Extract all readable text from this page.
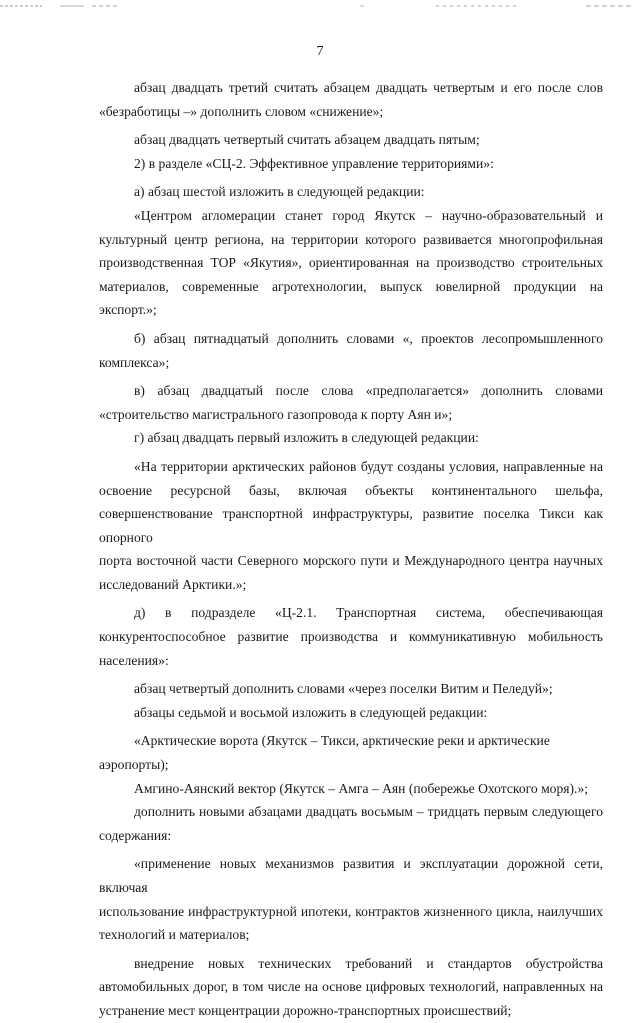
7

абзац двадцать третий считать абзацем двадцать четвертым и его после слов

«безработицы –» дополнить словом «снижение»;

абзац двадцать четвертый считать абзацем двадцать пятым;

2) в разделе «СЦ-2. Эффективное управление территориями»:

а) абзац шестой изложить в следующей редакции:

«Центром агломерации станет город Якутск – научно-образовательный и

культурный центр региона, на территории которого развивается многопрофильная

производственная ТОР «Якутия», ориентированная на производство строительных

материалов, современные агротехнологии, выпуск ювелирной продукции на экспорт.»;

б) абзац пятнадцатый дополнить словами «, проектов лесопромышленного

комплекса»;

в) абзац двадцатый после слова «предполагается» дополнить словами

«строительство магистрального газопровода к порту Аян и»;

г) абзац двадцать первый изложить в следующей редакции:

«На территории арктических районов будут созданы условия, направленные на

освоение ресурсной базы, включая объекты континентального шельфа,

совершенствование транспортной инфраструктуры, развитие поселка Тикси как опорного

порта восточной части Северного морского пути и Международного центра научных

исследований Арктики.»;

д) в подразделе «Ц-2.1. Транспортная система, обеспечивающая

конкурентоспособное развитие производства и коммуникативную мобильность

населения»:

абзац четвертый дополнить словами «через поселки Витим и Пеледуй»;

абзацы седьмой и восьмой изложить в следующей редакции:

«Арктические ворота (Якутск – Тикси, арктические реки и арктические аэропорты);

Амгино-Аянский вектор (Якутск – Амга – Аян (побережье Охотского моря).»;

дополнить новыми абзацами двадцать восьмым – тридцать первым следующего

содержания:

«применение новых механизмов развития и эксплуатации дорожной сети, включая

использование инфраструктурной ипотеки, контрактов жизненного цикла, наилучших

технологий и материалов;

внедрение новых технических требований и стандартов обустройства

автомобильных дорог, в том числе на основе цифровых технологий, направленных на

устранение мест концентрации дорожно-транспортных происшествий;
